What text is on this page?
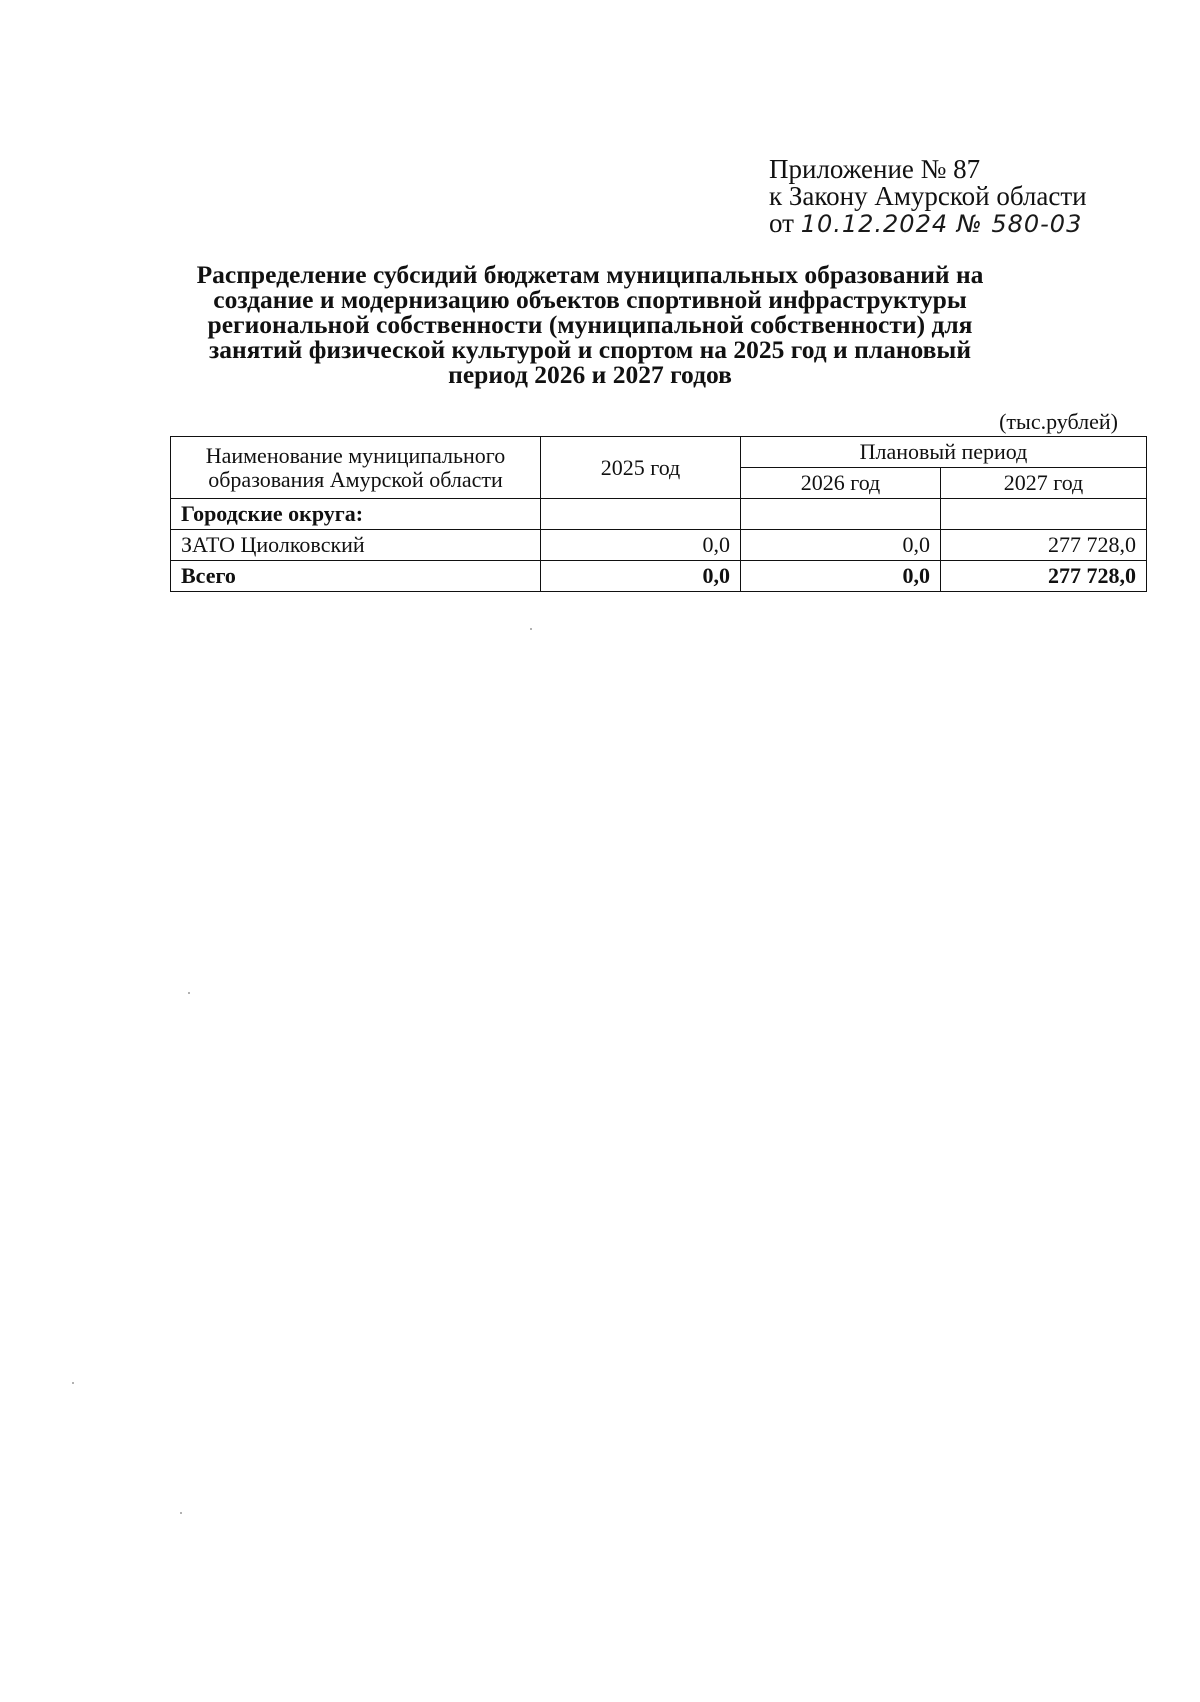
Приложение № 87
к Закону Амурской области
от 10.12.2024 № 580-03
Распределение субсидий бюджетам муниципальных образований на
создание и модернизацию объектов спортивной инфраструктуры
региональной собственности (муниципальной собственности) для
занятий физической культурой и спортом на 2025 год и плановый
период 2026 и 2027 годов
(тыс.рублей)
Наименование муниципального
образования Амурской области	2025 год	Плановый период	
		2026 год	2027 год
Городские округа:			
ЗАТО Циолковский	0,0	0,0	277 728,0
Всего	0,0	0,0	277 728,0
